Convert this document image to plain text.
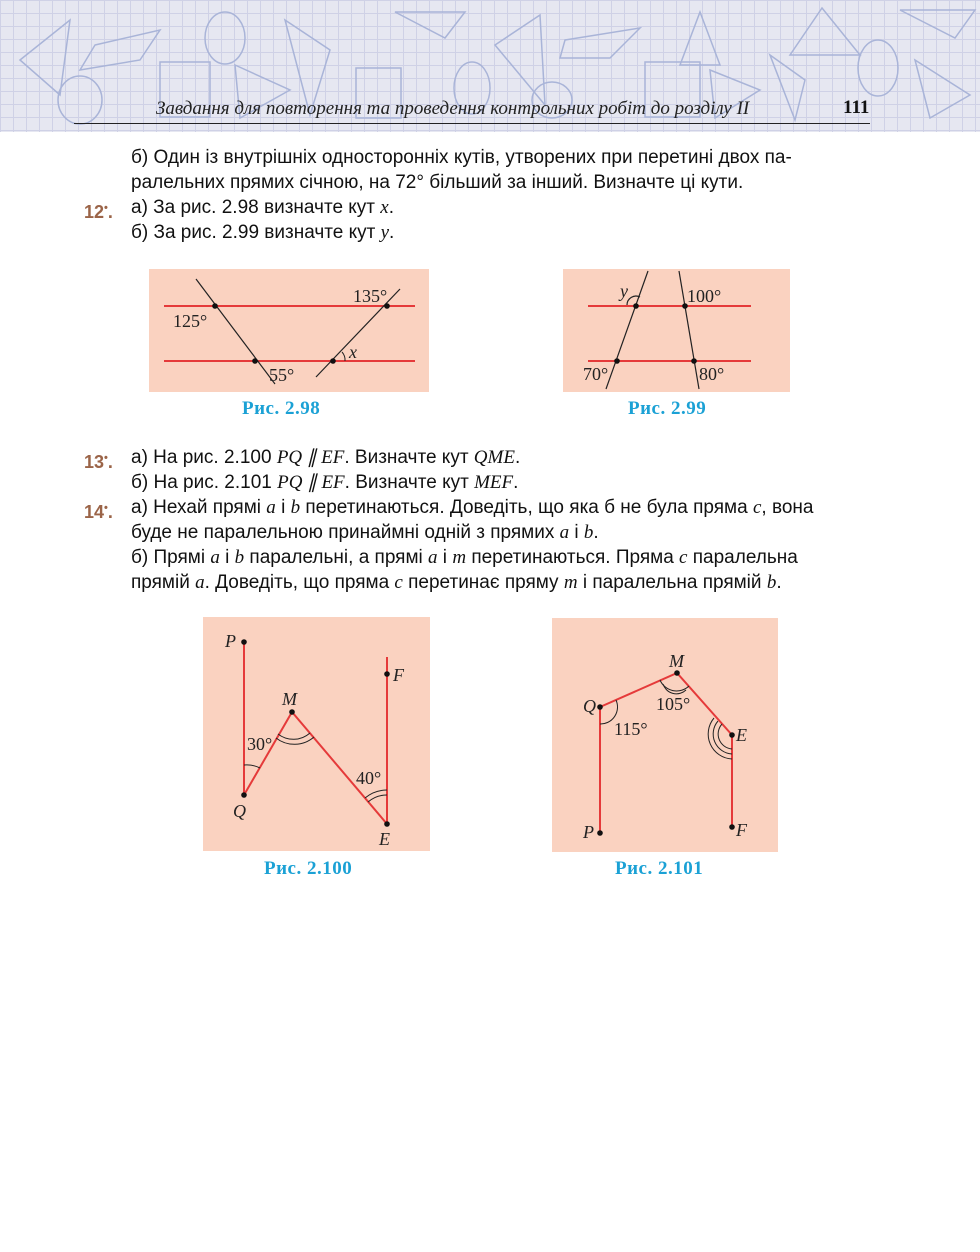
Завдання для повторення та проведення контрольних робіт до розділу II	111
б) Один із внутрішніх односторонніх кутів, утворених при перетині двох па-
ралельних прямих січною, на 72° більший за інший. Визначте ці кути.
12•. а) За рис. 2.98 визначте кут x.
б) За рис. 2.99 визначте кут y.
125°
135°
55°
x
Рис. 2.98
y	100°
70°	80°
Рис. 2.99
13•. а) На рис. 2.100 PQ ∥ EF. Визначте кут QME.
б) На рис. 2.101 PQ ∥ EF. Визначте кут MEF.
14•. а) Нехай прямі a і b перетинаються. Доведіть, що яка б не була пряма c, вона
буде не паралельною принаймні одній з прямих a і b.
б) Прямі a і b паралельні, а прямі a і m перетинаються. Пряма c паралельна
прямій a. Доведіть, що пряма c перетинає пряму m і паралельна прямій b.
P
F
M
Q
E
30°
40°
Рис. 2.100
M
Q
E
P	F
105°
115°
Рис. 2.101
